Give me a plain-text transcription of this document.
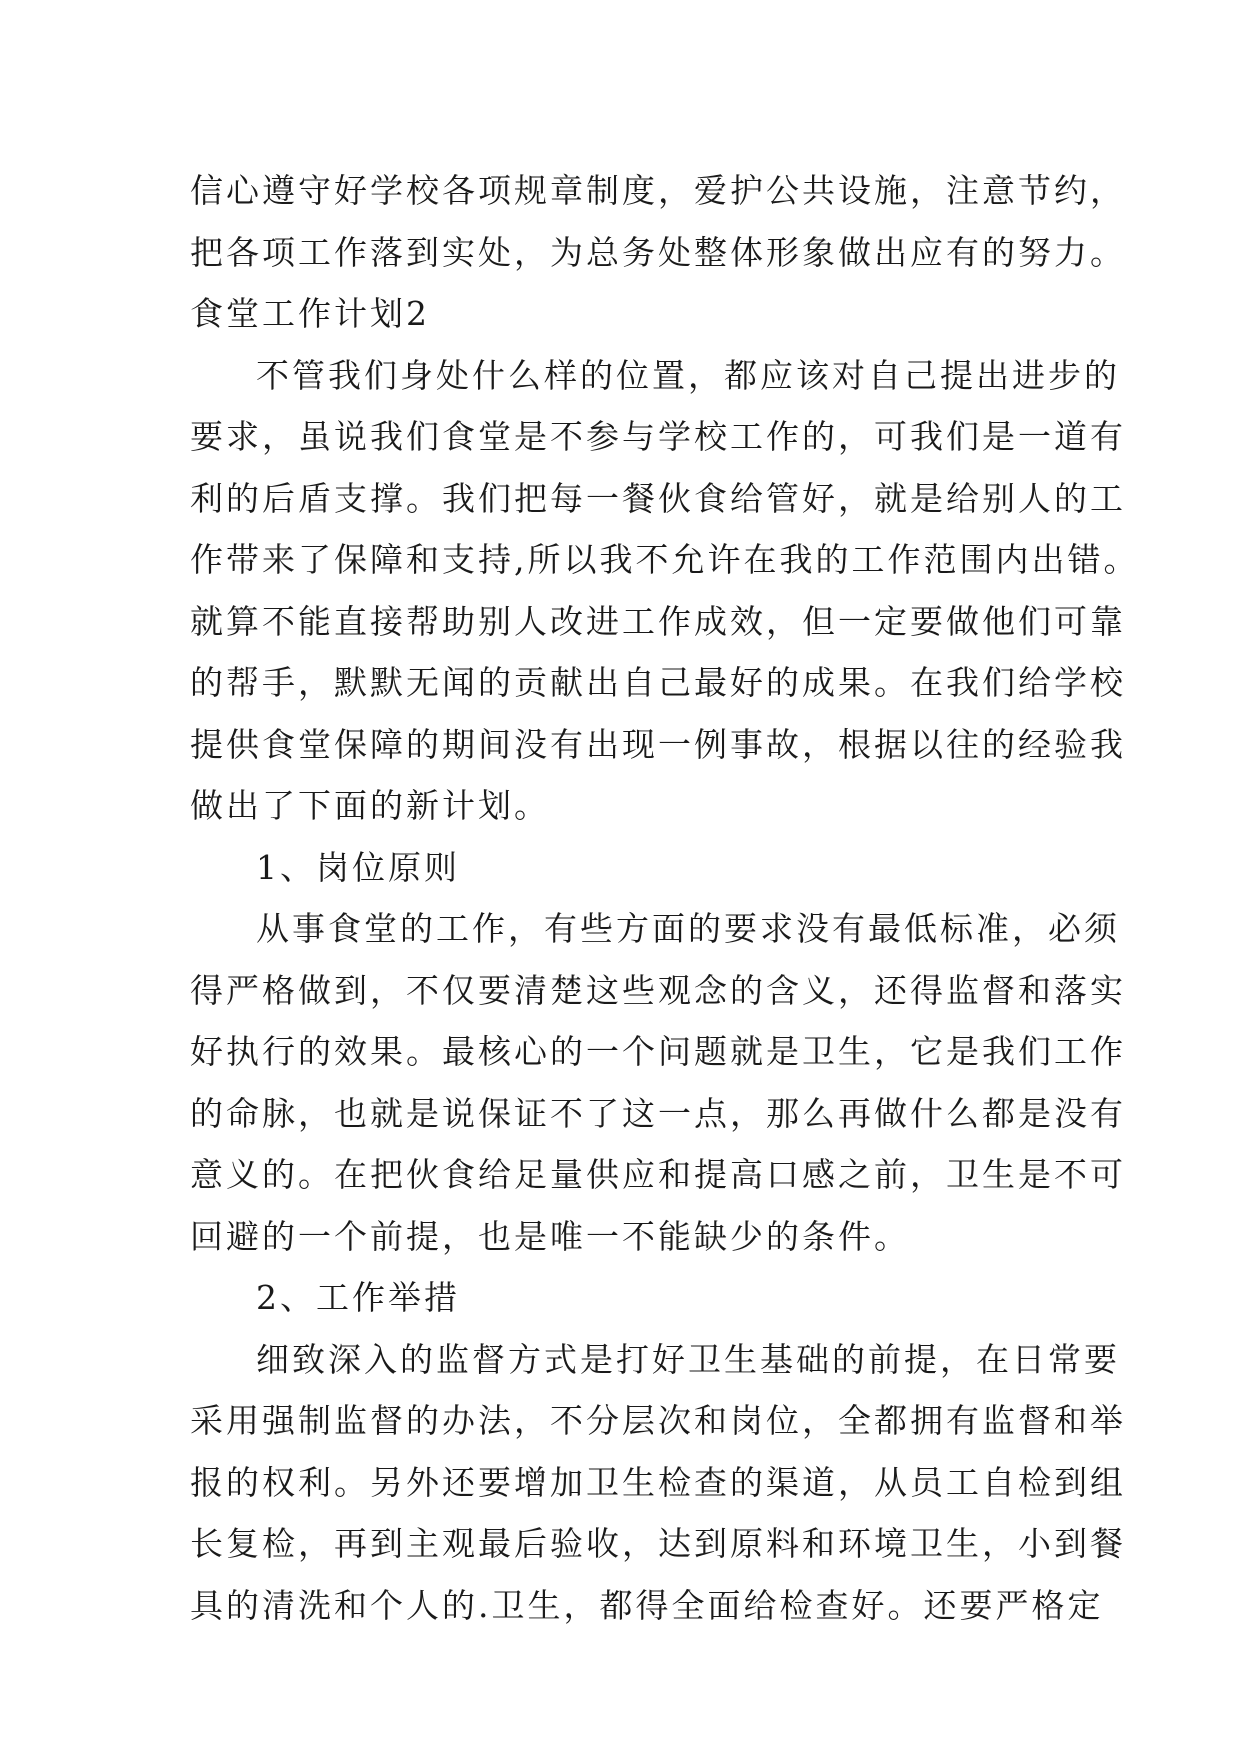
信心遵守好学校各项规章制度，爱护公共设施，注意节约，
把各项工作落到实处，为总务处整体形象做出应有的努力。
食堂工作计划2
不管我们身处什么样的位置，都应该对自己提出进步的
要求，虽说我们食堂是不参与学校工作的，可我们是一道有
利的后盾支撑。我们把每一餐伙食给管好，就是给别人的工
作带来了保障和支持,所以我不允许在我的工作范围内出错。
就算不能直接帮助别人改进工作成效，但一定要做他们可靠
的帮手，默默无闻的贡献出自己最好的成果。在我们给学校
提供食堂保障的期间没有出现一例事故，根据以往的经验我
做出了下面的新计划。
1、岗位原则
从事食堂的工作，有些方面的要求没有最低标准，必须
得严格做到，不仅要清楚这些观念的含义，还得监督和落实
好执行的效果。最核心的一个问题就是卫生，它是我们工作
的命脉，也就是说保证不了这一点，那么再做什么都是没有
意义的。在把伙食给足量供应和提高口感之前，卫生是不可
回避的一个前提，也是唯一不能缺少的条件。
2、工作举措
细致深入的监督方式是打好卫生基础的前提，在日常要
采用强制监督的办法，不分层次和岗位，全都拥有监督和举
报的权利。另外还要增加卫生检查的渠道，从员工自检到组
长复检，再到主观最后验收，达到原料和环境卫生，小到餐
具的清洗和个人的.卫生，都得全面给检查好。还要严格定
